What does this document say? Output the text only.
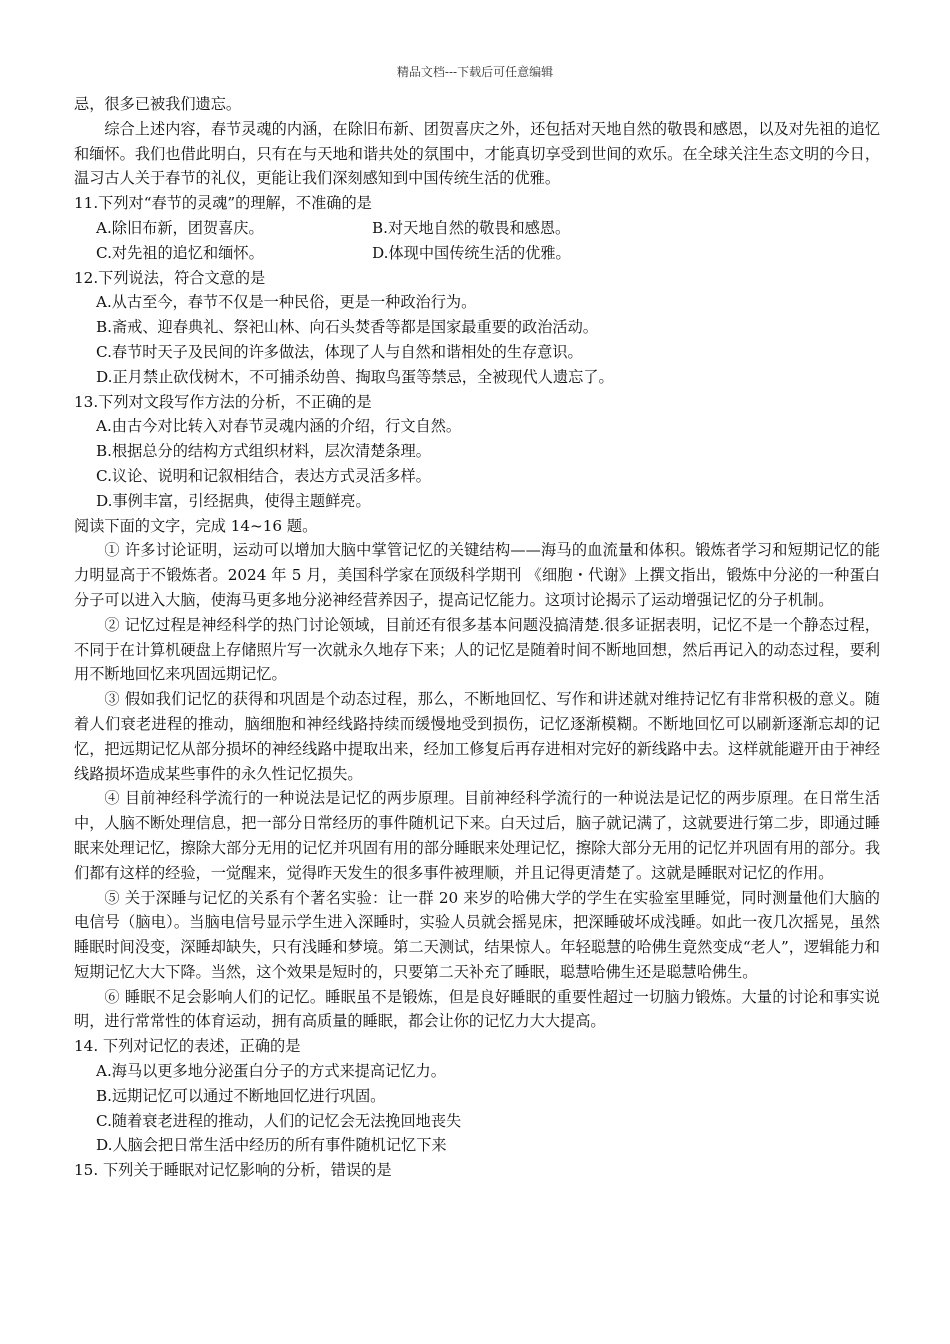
精品文档---下载后可任意编辑

忌，很多已被我们遗忘。

综合上述内容，春节灵魂的内涵，在除旧布新、团贺喜庆之外，还包括对天地自然的敬畏和感恩，以及对先祖的追忆和缅怀。我们也借此明白，只有在与天地和谐共处的氛围中，才能真切享受到世间的欢乐。在全球关注生态文明的今日，温习古人关于春节的礼仪，更能让我们深刻感知到中国传统生活的优雅。

11.下列对“春节的灵魂”的理解，不准确的是

A.除旧布新，团贺喜庆。	B.对天地自然的敬畏和感恩。
C.对先祖的追忆和缅怀。	D.体现中国传统生活的优雅。

12.下列说法，符合文意的是

A.从古至今，春节不仅是一种民俗，更是一种政治行为。

B.斋戒、迎春典礼、祭祀山林、向石头焚香等都是国家最重要的政治活动。

C.春节时天子及民间的许多做法，体现了人与自然和谐相处的生存意识。

D.正月禁止砍伐树木，不可捕杀幼兽、掏取鸟蛋等禁忌，全被现代人遗忘了。

13.下列对文段写作方法的分析，不正确的是

A.由古今对比转入对春节灵魂内涵的介绍，行文自然。

B.根据总分的结构方式组织材料，层次清楚条理。

C.议论、说明和记叙相结合，表达方式灵活多样。

D.事例丰富，引经据典，使得主题鲜亮。

阅读下面的文字，完成 14~16 题。

① 许多讨论证明，运动可以增加大脑中掌管记忆的关键结构——海马的血流量和体积。锻炼者学习和短期记忆的能力明显高于不锻炼者。2024 年 5 月，美国科学家在顶级科学期刊 《细胞・代谢》上撰文指出，锻炼中分泌的一种蛋白分子可以进入大脑，使海马更多地分泌神经营养因子，提高记忆能力。这项讨论揭示了运动增强记忆的分子机制。

② 记忆过程是神经科学的热门讨论领域，目前还有很多基本问题没搞清楚.很多证据表明，记忆不是一个静态过程，不同于在计算机硬盘上存储照片写一次就永久地存下来；人的记忆是随着时间不断地回想，然后再记入的动态过程，要利用不断地回忆来巩固远期记忆。

③ 假如我们记忆的获得和巩固是个动态过程，那么，不断地回忆、写作和讲述就对维持记忆有非常积极的意义。随着人们衰老进程的推动，脑细胞和神经线路持续而缓慢地受到损伤，记忆逐渐模糊。不断地回忆可以刷新逐渐忘却的记忆，把远期记忆从部分损坏的神经线路中提取出来，经加工修复后再存进相对完好的新线路中去。这样就能避开由于神经线路损坏造成某些事件的永久性记忆损失。

④ 目前神经科学流行的一种说法是记忆的两步原理。目前神经科学流行的一种说法是记忆的两步原理。在日常生活中，人脑不断处理信息，把一部分日常经历的事件随机记下来。白天过后，脑子就记满了，这就要进行第二步，即通过睡眠来处理记忆，擦除大部分无用的记忆并巩固有用的部分睡眠来处理记忆，擦除大部分无用的记忆并巩固有用的部分。我们都有这样的经验，一觉醒来，觉得昨天发生的很多事件被理顺，并且记得更清楚了。这就是睡眠对记忆的作用。

⑤ 关于深睡与记忆的关系有个著名实验：让一群 20 来岁的哈佛大学的学生在实验室里睡觉，同时测量他们大脑的电信号（脑电）。当脑电信号显示学生进入深睡时，实验人员就会摇晃床，把深睡破坏成浅睡。如此一夜几次摇晃，虽然睡眠时间没变，深睡却缺失，只有浅睡和梦境。第二天测试，结果惊人。年轻聪慧的哈佛生竟然变成“老人”，逻辑能力和短期记忆大大下降。当然，这个效果是短时的，只要第二天补充了睡眠，聪慧哈佛生还是聪慧哈佛生。

⑥ 睡眠不足会影响人们的记忆。睡眠虽不是锻炼，但是良好睡眠的重要性超过一切脑力锻炼。大量的讨论和事实说明，进行常常性的体育运动，拥有高质量的睡眠，都会让你的记忆力大大提高。

14. 下列对记忆的表述，正确的是

A.海马以更多地分泌蛋白分子的方式来提高记忆力。

B.远期记忆可以通过不断地回忆进行巩固。

C.随着衰老进程的推动，人们的记忆会无法挽回地丧失

D.人脑会把日常生活中经历的所有事件随机记忆下来

15. 下列关于睡眠对记忆影响的分析，错误的是
